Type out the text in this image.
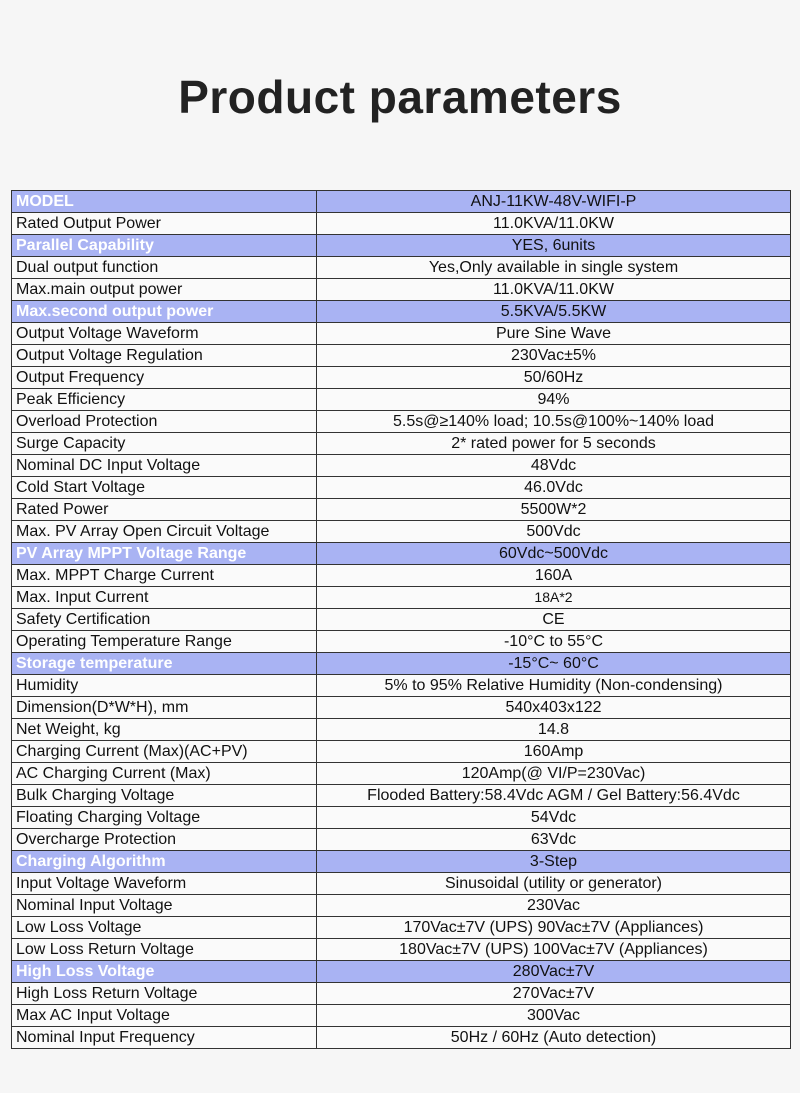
Product parameters
MODEL	ANJ-11KW-48V-WIFI-P
Rated Output Power	11.0KVA/11.0KW
Parallel Capability	YES, 6units
Dual output function	Yes,Only available in single system
Max.main output power	11.0KVA/11.0KW
Max.second output power	5.5KVA/5.5KW
Output Voltage Waveform	Pure Sine Wave
Output Voltage Regulation	230Vac±5%
Output Frequency	50/60Hz
Peak Efficiency	94%
Overload Protection	5.5s@≥140% load; 10.5s@100%~140% load
Surge Capacity	2* rated power for 5 seconds
Nominal DC Input Voltage	48Vdc
Cold Start Voltage	46.0Vdc
Rated Power	5500W*2
Max. PV Array Open Circuit Voltage	500Vdc
PV Array MPPT Voltage Range	60Vdc~500Vdc
Max. MPPT Charge Current	160A
Max. Input Current	18A*2
Safety Certification	CE
Operating Temperature Range	-10°C to 55°C
Storage temperature	-15°C~ 60°C
Humidity	5% to 95% Relative Humidity (Non-condensing)
Dimension(D*W*H), mm	540x403x122
Net Weight, kg	14.8
Charging Current (Max)(AC+PV)	160Amp
AC Charging Current (Max)	120Amp(@ VI/P=230Vac)
Bulk Charging Voltage	Flooded Battery:58.4Vdc AGM / Gel Battery:56.4Vdc
Floating Charging Voltage	54Vdc
Overcharge Protection	63Vdc
Charging Algorithm	3-Step
Input Voltage Waveform	Sinusoidal (utility or generator)
Nominal Input Voltage	230Vac
Low Loss Voltage	170Vac±7V (UPS) 90Vac±7V (Appliances)
Low Loss Return Voltage	180Vac±7V (UPS) 100Vac±7V (Appliances)
High Loss Voltage	280Vac±7V
High Loss Return Voltage	270Vac±7V
Max AC Input Voltage	300Vac
Nominal Input Frequency	50Hz / 60Hz (Auto detection)
